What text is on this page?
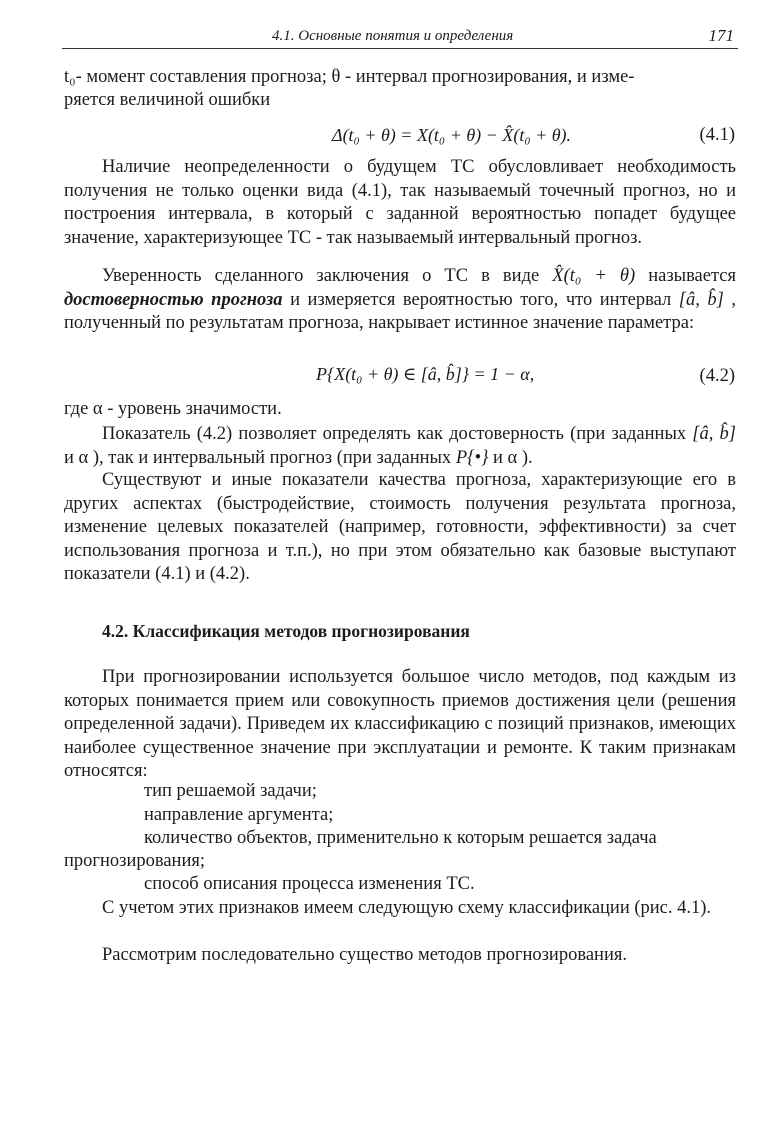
4.1. Основные понятия и определения	171
t₀- момент составления прогноза; θ - интервал прогнозирования, и изме-
ряется величиной ошибки
Δ(t₀ + θ) = X(t₀ + θ) − X̂(t₀ + θ).	(4.1)
Наличие неопределенности о будущем ТС обусловливает необходимость получения не только оценки вида (4.1), так называемый точечный прогноз, но и построения интервала, в который с заданной вероятностью попадет будущее значение, характеризующее ТС - так называемый интервальный прогноз.
Уверенность сделанного заключения о ТС в виде X̂(t₀ + θ) называется достоверностью прогноза и измеряется вероятностью того, что интервал [â, b̂] , полученный по результатам прогноза, накрывает истинное значение параметра:
P{X(t₀ + θ) ∈ [â, b̂]} = 1 − α,	(4.2)
где α - уровень значимости.
Показатель (4.2) позволяет определять как достоверность (при заданных [â, b̂] и α ), так и интервальный прогноз (при заданных P{•} и α ).
Существуют и иные показатели качества прогноза, характеризующие его в других аспектах (быстродействие, стоимость получения результата прогноза, изменение целевых показателей (например, готовности, эффективности) за счет использования прогноза и т.п.), но при этом обязательно как базовые выступают показатели (4.1) и (4.2).
4.2. Классификация методов прогнозирования
При прогнозировании используется большое число методов, под каждым из которых понимается прием или совокупность приемов достижения цели (решения определенной задачи). Приведем их классификацию с позиций признаков, имеющих наиболее существенное значение при эксплуатации и ремонте. К таким признакам относятся:
тип решаемой задачи;
направление аргумента;
количество объектов, применительно к которым решается задача
прогнозирования;
способ описания процесса изменения ТС.
С учетом этих признаков имеем следующую схему классификации (рис. 4.1).
Рассмотрим последовательно существо методов прогнозирования.
